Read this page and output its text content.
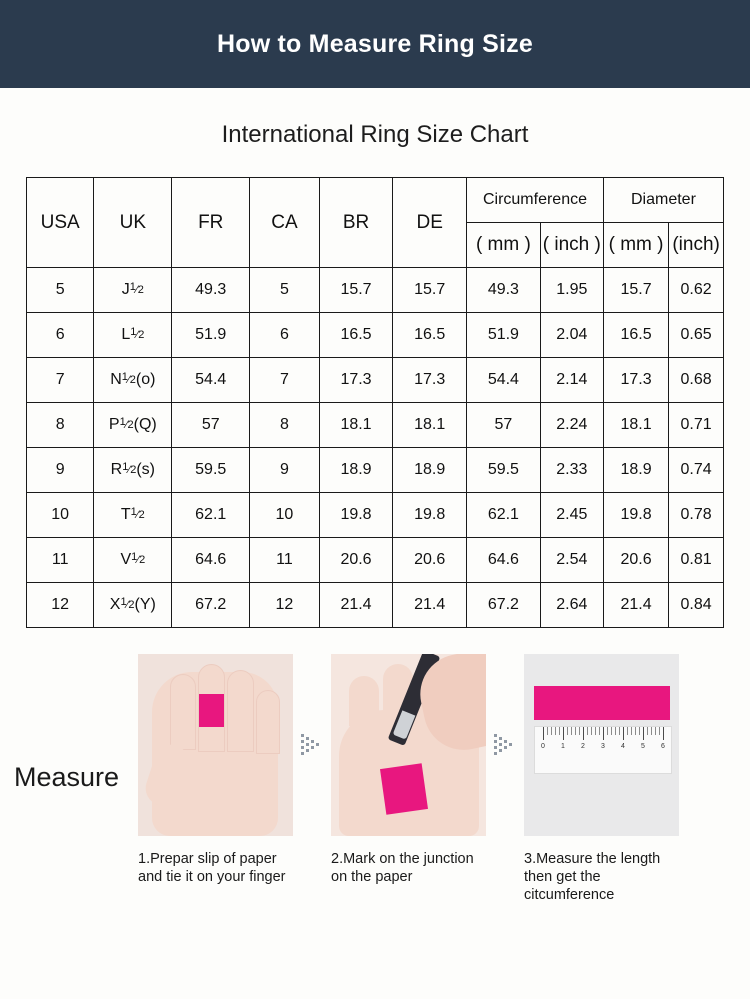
How to Measure Ring Size
International Ring Size Chart
USA	UK	FR	CA	BR	DE	Circumference		Diameter	
						( mm )	( inch )	( mm )	(inch)
5	$J^1⁄2$	49.3	5	15.7	15.7	49.3	1.95	15.7	0.62
6	$L^1⁄2$	51.9	6	16.5	16.5	51.9	2.04	16.5	0.65
7	$N^1⁄2(o)$	54.4	7	17.3	17.3	54.4	2.14	17.3	0.68
8	$P^1⁄2(Q)$	57	8	18.1	18.1	57	2.24	18.1	0.71
9	$R^1⁄2(s)$	59.5	9	18.9	18.9	59.5	2.33	18.9	0.74
10	$T^1⁄2$	62.1	10	19.8	19.8	62.1	2.45	19.8	0.78
11	$V^1⁄2$	64.6	11	20.6	20.6	64.6	2.54	20.6	0.81
12	$X^1⁄2(Y)$	67.2	12	21.4	21.4	67.2	2.64	21.4	0.84
Measure
1.Prepar slip of paper and tie it on your finger
2.Mark on the junction on the paper
0 1 2 3 4 5 6
3.Measure the length then get the citcumference
